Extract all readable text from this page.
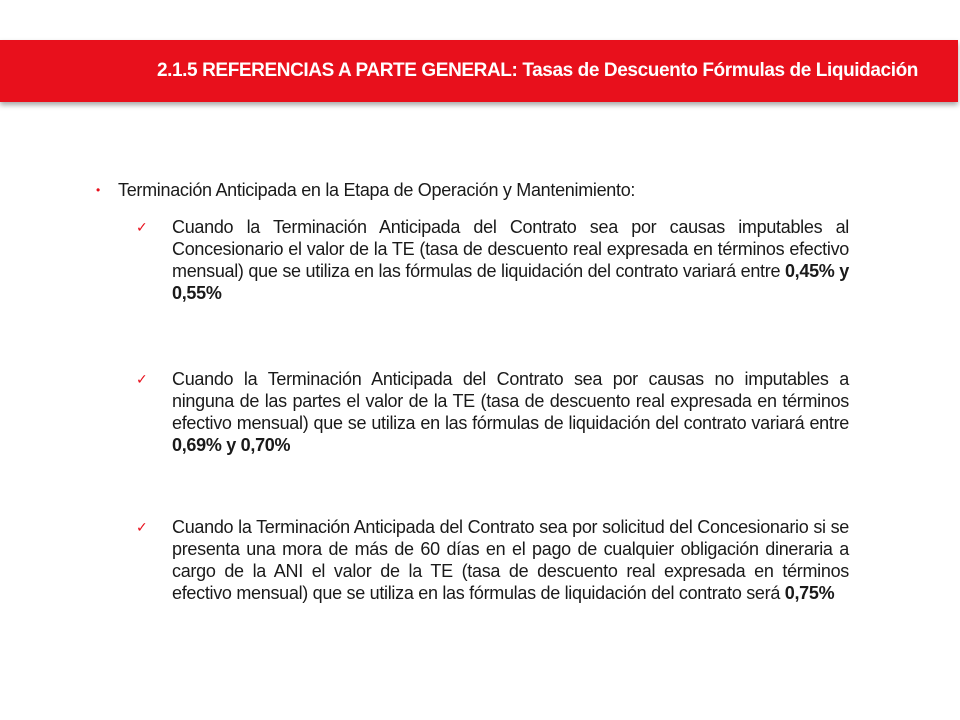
2.1.5 REFERENCIAS A PARTE GENERAL: Tasas de Descuento Fórmulas de Liquidación
• Terminación Anticipada en la Etapa de Operación y Mantenimiento:
✓	Cuando la Terminación Anticipada del Contrato sea por causas imputables al Concesionario el valor de la TE (tasa de descuento real expresada en términos efectivo mensual) que se utiliza en las fórmulas de liquidación del contrato variará entre 0,45% y 0,55%
✓	Cuando la Terminación Anticipada del Contrato sea por causas no imputables a ninguna de las partes el valor de la TE (tasa de descuento real expresada en términos efectivo mensual) que se utiliza en las fórmulas de liquidación del contrato variará entre 0,69% y 0,70%
✓	Cuando la Terminación Anticipada del Contrato sea por solicitud del Concesionario si se presenta una mora de más de 60 días en el pago de cualquier obligación dineraria a cargo de la ANI el valor de la TE (tasa de descuento real expresada en términos efectivo mensual) que se utiliza en las fórmulas de liquidación del contrato será 0,75%
